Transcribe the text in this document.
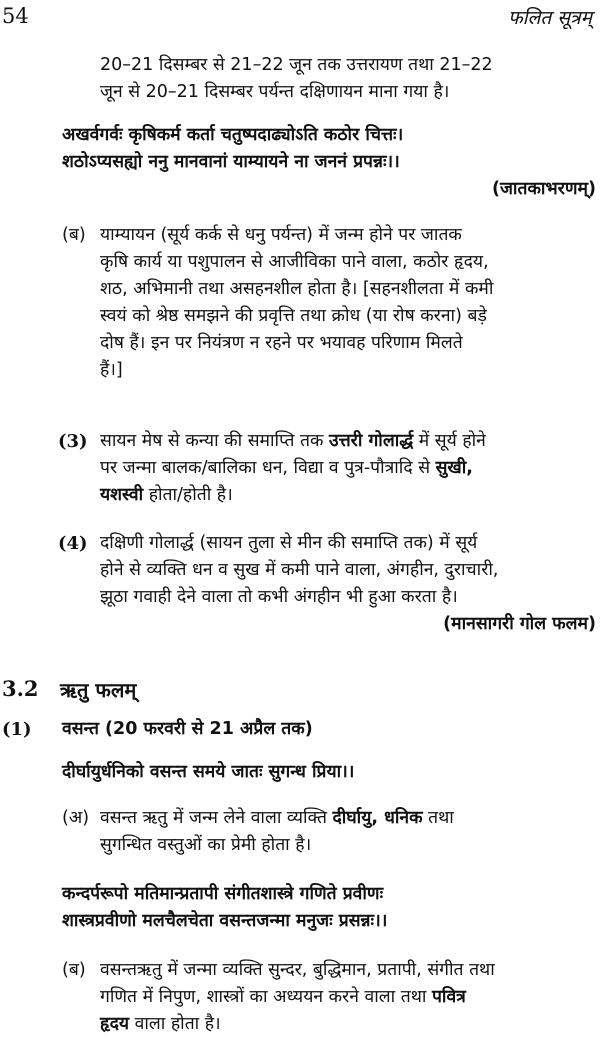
54	फलित सूत्रम्

20–21 दिसम्बर से 21–22 जून तक उत्तरायण तथा 21–22

जून से 20–21 दिसम्बर पर्यन्त दक्षिणायन माना गया है।

अखर्वगर्वः कृषिकर्म कर्ता चतुष्पदाढ्योऽति कठोर चित्तः।

शठोऽप्यसह्यो ननु मानवानां याम्यायने ना जननं प्रपन्नः।।

(जातकाभरणम्)

(ब) याम्यायन (सूर्य कर्क से धनु पर्यन्त) में जन्म होने पर जातक

कृषि कार्य या पशुपालन से आजीविका पाने वाला, कठोर हृदय,

शठ, अभिमानी तथा असहनशील होता है। [सहनशीलता में कमी

स्वयं को श्रेष्ठ समझने की प्रवृत्ति तथा क्रोध (या रोष करना) बड़े

दोष हैं। इन पर नियंत्रण न रहने पर भयावह परिणाम मिलते

हैं।]

(3) सायन मेष से कन्या की समाप्ति तक उत्तरी गोलार्द्ध में सूर्य होने

पर जन्मा बालक/बालिका धन, विद्या व पुत्र-पौत्रादि से सुखी,

यशस्वी होता/होती है।

(4) दक्षिणी गोलार्द्ध (सायन तुला से मीन की समाप्ति तक) में सूर्य

होने से व्यक्ति धन व सुख में कमी पाने वाला, अंगहीन, दुराचारी,

झूठा गवाही देने वाला तो कभी अंगहीन भी हुआ करता है।

(मानसागरी गोल फलम)

3.2 ऋतु फलम्
(1) वसन्त (20 फरवरी से 21 अप्रैल तक)

दीर्घायुर्धनिको वसन्त समये जातः सुगन्ध प्रिया।।

(अ) वसन्त ऋतु में जन्म लेने वाला व्यक्ति दीर्घायु, धनिक तथा

सुगन्धित वस्तुओं का प्रेमी होता है।

कन्दर्परूपो मतिमान्प्रतापी संगीतशास्त्रे गणिते प्रवीणः

शास्त्रप्रवीणो मलचैलचेता वसन्तजन्मा मनुजः प्रसन्नः।।

(ब) वसन्तऋतु में जन्मा व्यक्ति सुन्दर, बुद्धिमान, प्रतापी, संगीत तथा

गणित में निपुण, शास्त्रों का अध्ययन करने वाला तथा पवित्र

हृदय वाला होता है।
